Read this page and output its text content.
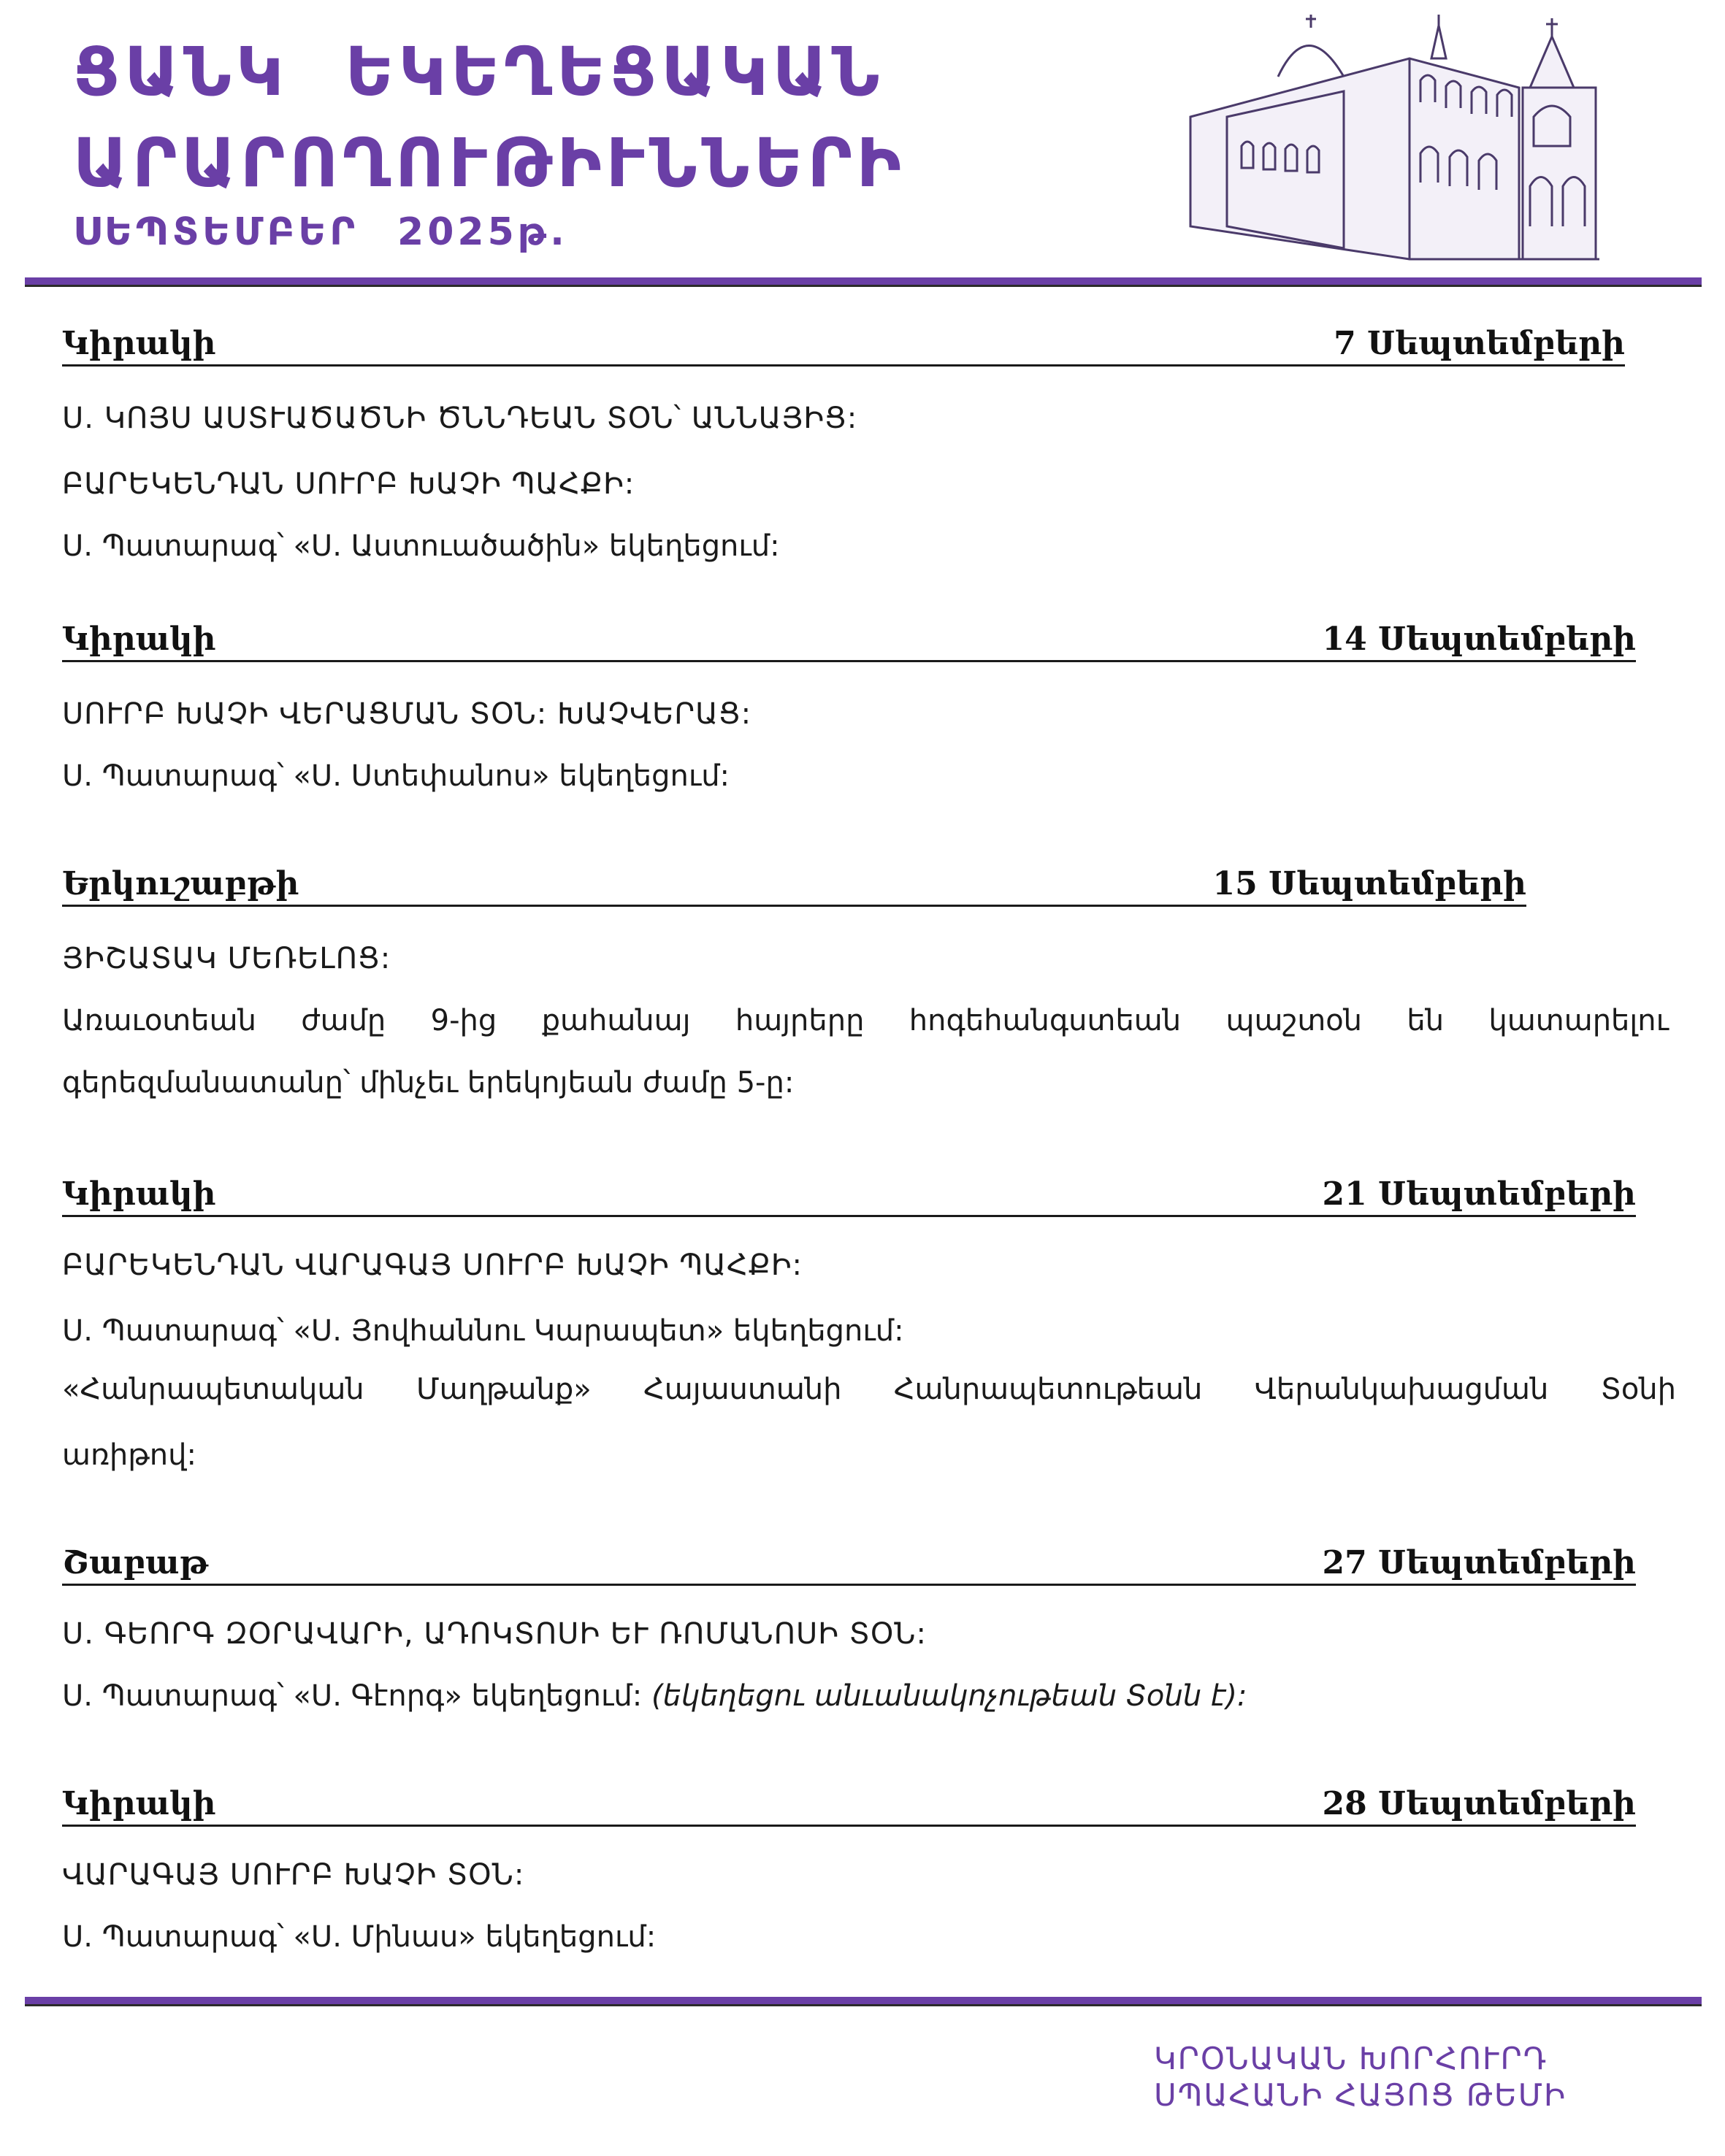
ՑԱՆԿ ԵԿԵՂԵՑԱԿԱՆ
ԱՐԱՐՈՂՈՒԹԻՒՆՆԵՐԻ
ՍԵՊՏԵՄԲԵՐ 2025թ.
Կիրակի	7 Սեպտեմբերի

Ս. ԿՈՅՍ ԱՍՏՒԱԾԱԾՆԻ ԾՆՆԴԵԱՆ ՏՕՆ՝ ԱՆՆԱՅԻՑ:

ԲԱՐԵԿԵՆԴԱՆ ՍՈՒՐԲ ԽԱՉԻ ՊԱՀՔԻ:

Ս. Պատարագ՝ «Ս. Աստուածածին» եկեղեցում:

Կիրակի	14 Սեպտեմբերի

ՍՈՒՐԲ ԽԱՉԻ ՎԵՐԱՑՄԱՆ ՏՕՆ: ԽԱՉՎԵՐԱՑ:

Ս. Պատարագ՝ «Ս. Ստեփանոս» եկեղեցում:

Երկուշաբթի	15 Սեպտեմբերի

ՅԻՇԱՏԱԿ ՄԵՌԵԼՈՑ:

Առաւօտեան ժամը 9-ից քահանայ հայրերը հոգեհանգստեան պաշտօն են կատարելու

գերեզմանատանը՝ մինչեւ երեկոյեան ժամը 5-ը:

Կիրակի	21 Սեպտեմբերի

ԲԱՐԵԿԵՆԴԱՆ ՎԱՐԱԳԱՅ ՍՈՒՐԲ ԽԱՉԻ ՊԱՀՔԻ:

Ս. Պատարագ՝ «Ս. Յովհաննու Կարապետ» եկեղեցում:

«Հանրապետական Մաղթանք» Հայաստանի Հանրապետութեան Վերանկախացման Տօնի

առիթով:

Շաբաթ	27 Սեպտեմբերի

Ս. ԳԵՈՐԳ ԶՕՐԱՎԱՐԻ, ԱԴՈԿՏՈՍԻ ԵՒ ՌՈՄԱՆՈՍԻ ՏՕՆ:

Ս. Պատարագ՝ «Ս. Գէորգ» եկեղեցում: (եկեղեցու անւանակոչութեան Տօնն է):

Կիրակի	28 Սեպտեմբերի

ՎԱՐԱԳԱՅ ՍՈՒՐԲ ԽԱՉԻ ՏՕՆ:

Ս. Պատարագ՝ «Ս. Մինաս» եկեղեցում:

ԿՐՕՆԱԿԱՆ ԽՈՐՀՈՒՐԴ
ՍՊԱՀԱՆԻ ՀԱՅՈՑ ԹԵՄԻ
